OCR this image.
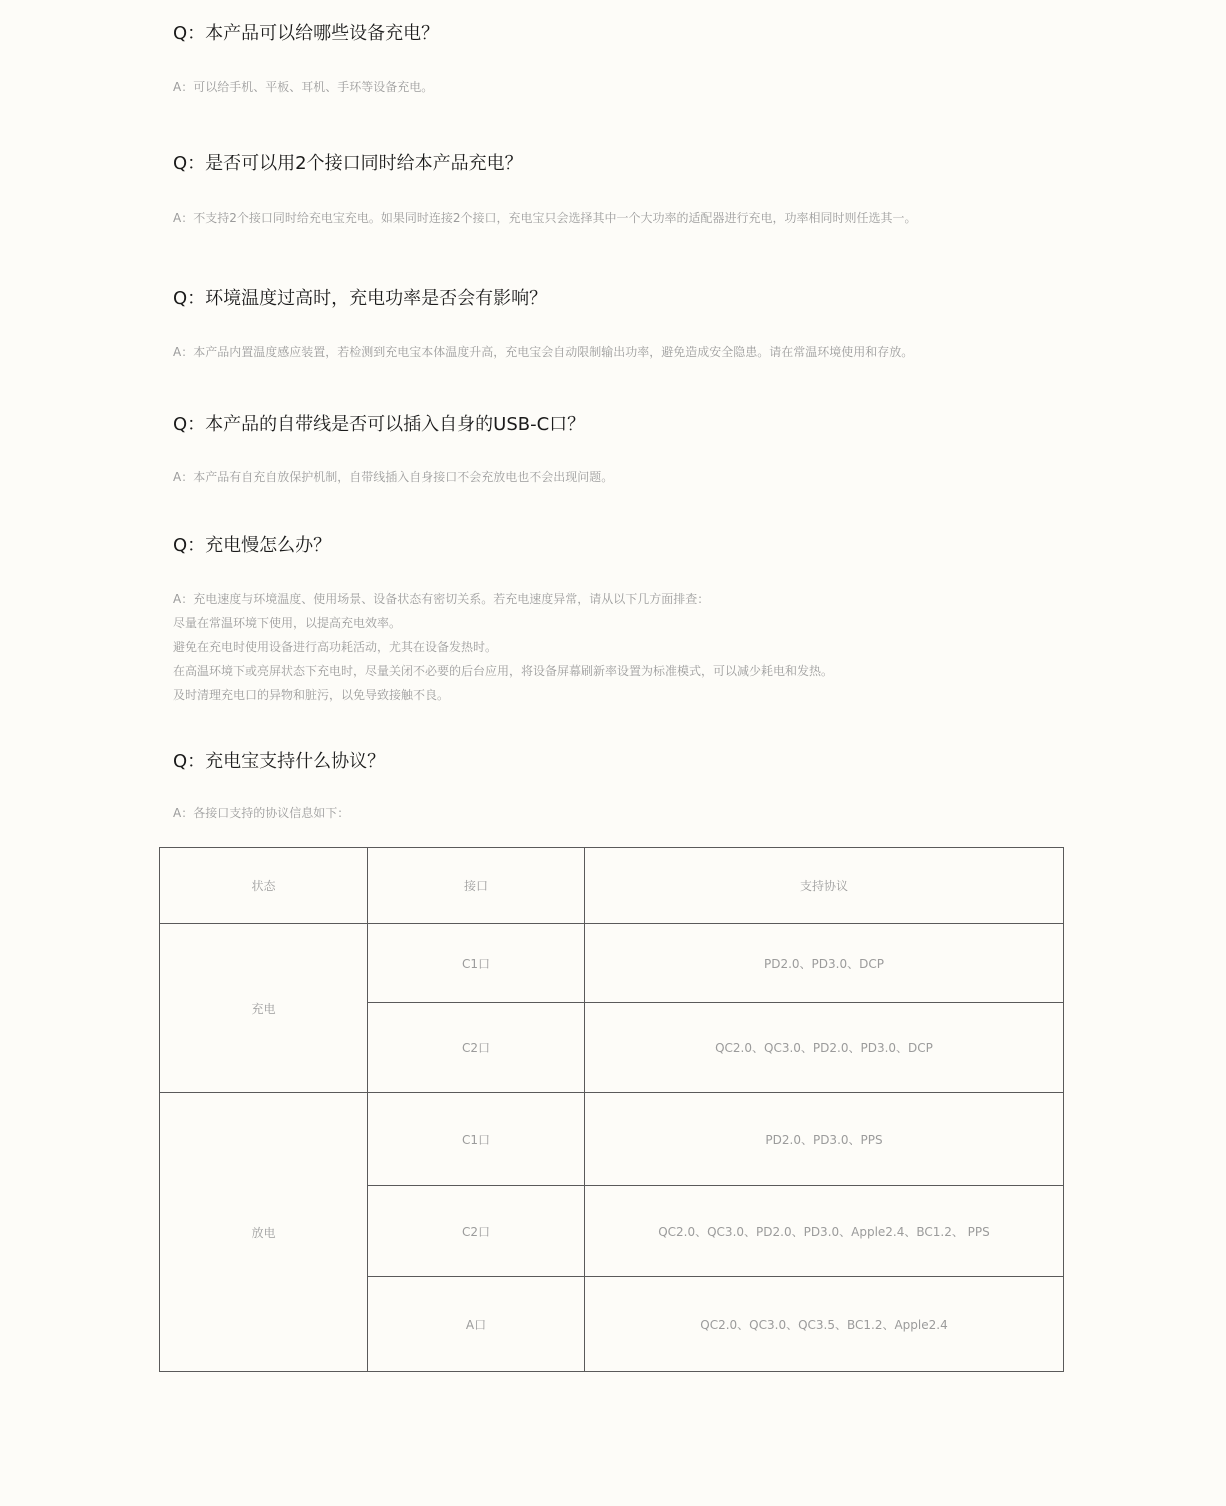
Q：本产品可以给哪些设备充电？

A：可以给手机、平板、耳机、手环等设备充电。

Q：是否可以用2个接口同时给本产品充电？

A：不支持2个接口同时给充电宝充电。如果同时连接2个接口，充电宝只会选择其中一个大功率的适配器进行充电，功率相同时则任选其一。

Q：环境温度过高时，充电功率是否会有影响？

A：本产品内置温度感应装置，若检测到充电宝本体温度升高，充电宝会自动限制输出功率，避免造成安全隐患。请在常温环境使用和存放。

Q：本产品的自带线是否可以插入自身的USB-C口？

A：本产品有自充自放保护机制，自带线插入自身接口不会充放电也不会出现问题。

Q：充电慢怎么办？

A：充电速度与环境温度、使用场景、设备状态有密切关系。若充电速度异常，请从以下几方面排查：
尽量在常温环境下使用，以提高充电效率。
避免在充电时使用设备进行高功耗活动，尤其在设备发热时。
在高温环境下或亮屏状态下充电时，尽量关闭不必要的后台应用，将设备屏幕刷新率设置为标准模式，可以减少耗电和发热。
及时清理充电口的异物和脏污，以免导致接触不良。

Q：充电宝支持什么协议？

A：各接口支持的协议信息如下：
状态	接口	支持协议
充电	C1口	PD2.0、PD3.0、DCP
	C2口	QC2.0、QC3.0、PD2.0、PD3.0、DCP
放电	C1口	PD2.0、PD3.0、PPS
	C2口	QC2.0、QC3.0、PD2.0、PD3.0、Apple2.4、BC1.2、 PPS
	A口	QC2.0、QC3.0、QC3.5、BC1.2、Apple2.4
